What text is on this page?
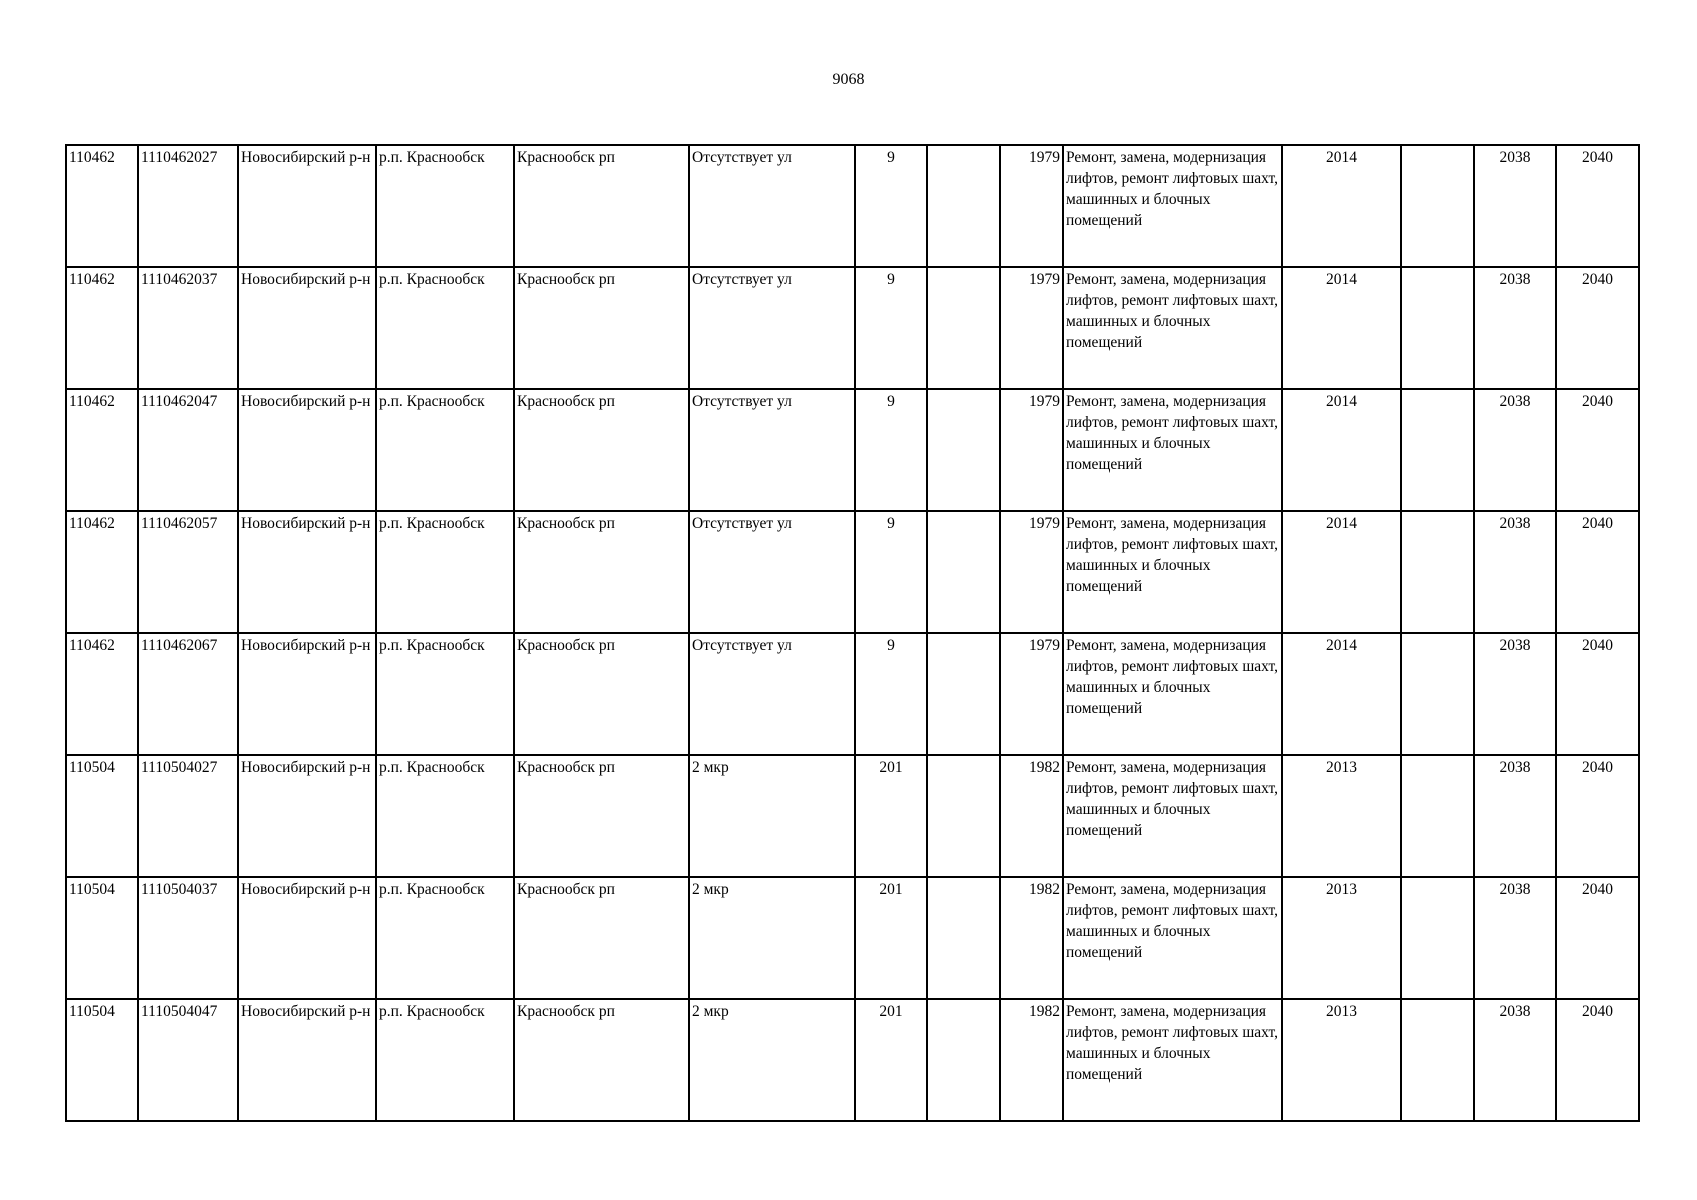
9068
110462	1110462027	Новосибирский р-н	р.п. Краснообск	Краснообск рп	Отсутствует ул	9		1979	Ремонт, замена, модернизация лифтов, ремонт лифтовых шахт, машинных и блочных помещений	2014		2038	2040
110462	1110462037	Новосибирский р-н	р.п. Краснообск	Краснообск рп	Отсутствует ул	9		1979	Ремонт, замена, модернизация лифтов, ремонт лифтовых шахт, машинных и блочных помещений	2014		2038	2040
110462	1110462047	Новосибирский р-н	р.п. Краснообск	Краснообск рп	Отсутствует ул	9		1979	Ремонт, замена, модернизация лифтов, ремонт лифтовых шахт, машинных и блочных помещений	2014		2038	2040
110462	1110462057	Новосибирский р-н	р.п. Краснообск	Краснообск рп	Отсутствует ул	9		1979	Ремонт, замена, модернизация лифтов, ремонт лифтовых шахт, машинных и блочных помещений	2014		2038	2040
110462	1110462067	Новосибирский р-н	р.п. Краснообск	Краснообск рп	Отсутствует ул	9		1979	Ремонт, замена, модернизация лифтов, ремонт лифтовых шахт, машинных и блочных помещений	2014		2038	2040
110504	1110504027	Новосибирский р-н	р.п. Краснообск	Краснообск рп	2 мкр	201		1982	Ремонт, замена, модернизация лифтов, ремонт лифтовых шахт, машинных и блочных помещений	2013		2038	2040
110504	1110504037	Новосибирский р-н	р.п. Краснообск	Краснообск рп	2 мкр	201		1982	Ремонт, замена, модернизация лифтов, ремонт лифтовых шахт, машинных и блочных помещений	2013		2038	2040
110504	1110504047	Новосибирский р-н	р.п. Краснообск	Краснообск рп	2 мкр	201		1982	Ремонт, замена, модернизация лифтов, ремонт лифтовых шахт, машинных и блочных помещений	2013		2038	2040
